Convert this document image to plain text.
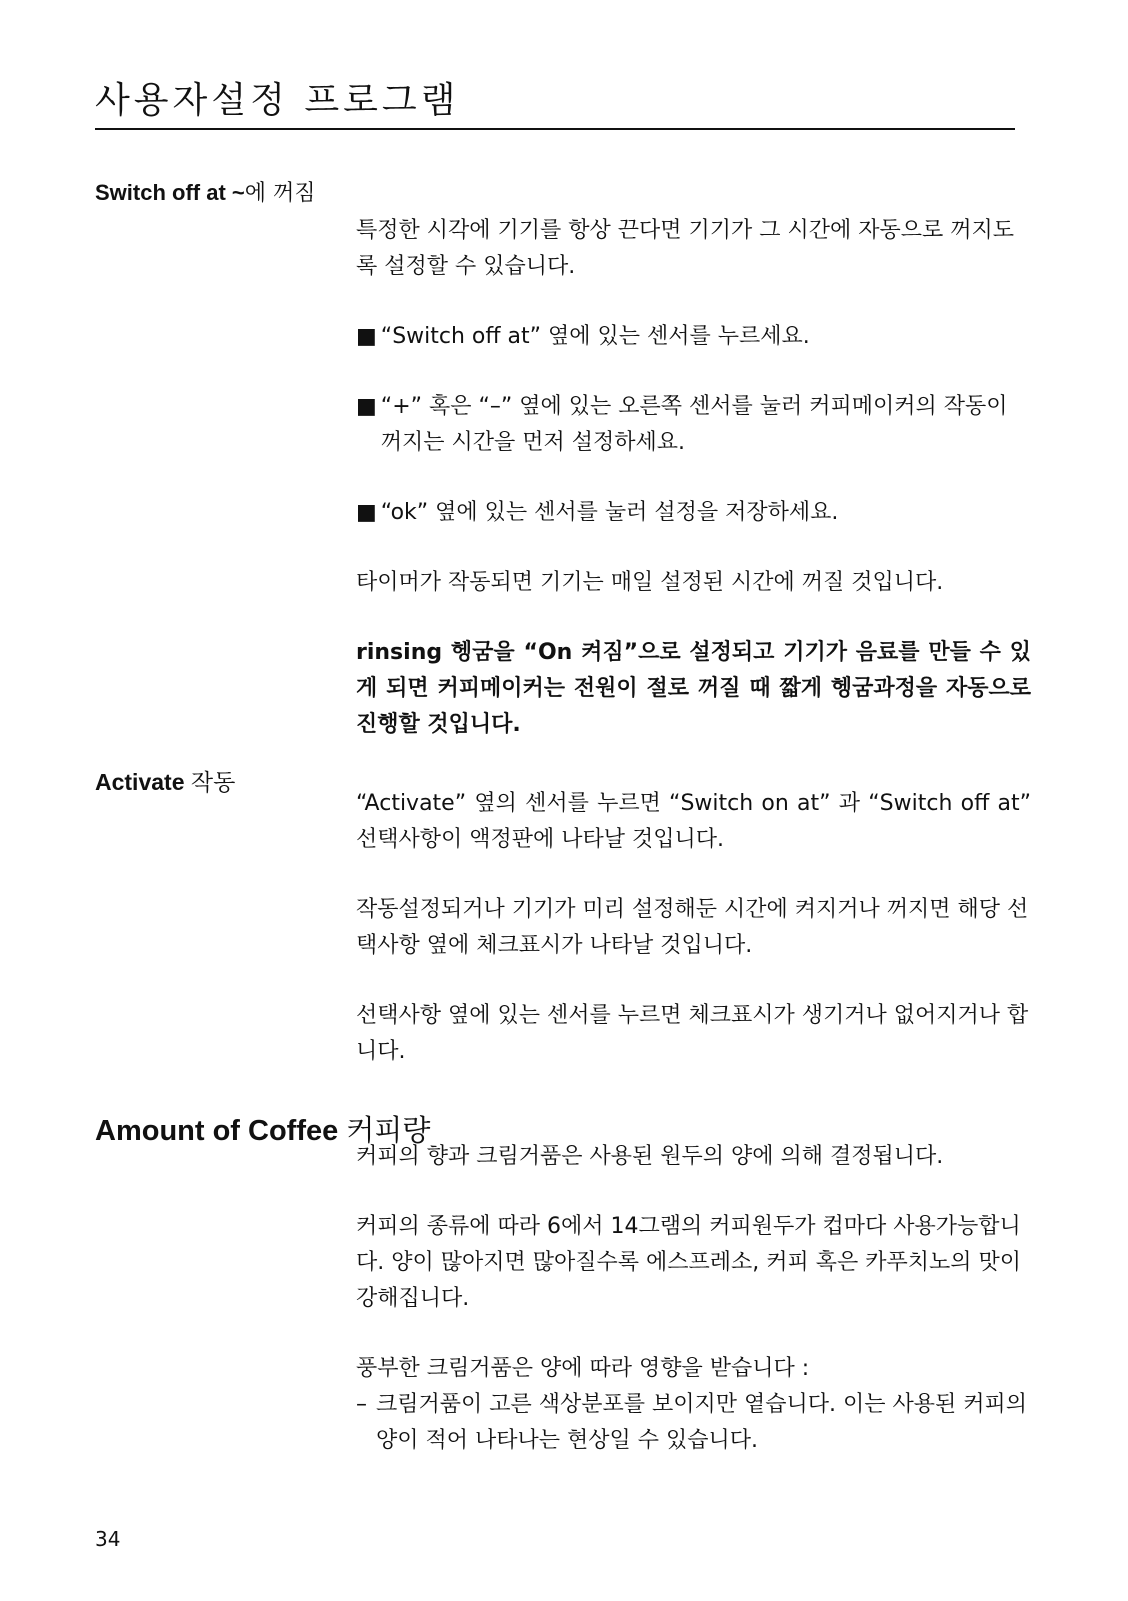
사용자설정 프로그램
Switch off at ~에 꺼짐

특정한 시각에 기기를 항상 끈다면 기기가 그 시간에 자동으로 꺼지도록 설정할 수 있습니다.

■ “Switch off at” 옆에 있는 센서를 누르세요.
■ “+” 혹은 “–” 옆에 있는 오른쪽 센서를 눌러 커피메이커의 작동이 꺼지는 시간을 먼저 설정하세요.
■ “ok” 옆에 있는 센서를 눌러 설정을 저장하세요.

타이머가 작동되면 기기는 매일 설정된 시간에 꺼질 것입니다.

rinsing 헹굼을 “On 켜짐”으로 설정되고 기기가 음료를 만들 수 있게 되면 커피메이커는 전원이 절로 꺼질 때 짧게 헹굼과정을 자동으로 진행할 것입니다.

Activate 작동

“Activate” 옆의 센서를 누르면 “Switch on at” 과 “Switch off at” 선택사항이 액정판에 나타날 것입니다.

작동설정되거나 기기가 미리 설정해둔 시간에 켜지거나 꺼지면 해당 선택사항 옆에 체크표시가 나타날 것입니다.

선택사항 옆에 있는 센서를 누르면 체크표시가 생기거나 없어지거나 합니다.

Amount of Coffee 커피량

커피의 향과 크림거품은 사용된 원두의 양에 의해 결정됩니다.

커피의 종류에 따라 6에서 14그램의 커피원두가 컵마다 사용가능합니다. 양이 많아지면 많아질수록 에스프레소, 커피 혹은 카푸치노의 맛이 강해집니다.

풍부한 크림거품은 양에 따라 영향을 받습니다 :

– 크림거품이 고른 색상분포를 보이지만 옅습니다. 이는 사용된 커피의 양이 적어 나타나는 현상일 수 있습니다.
34
